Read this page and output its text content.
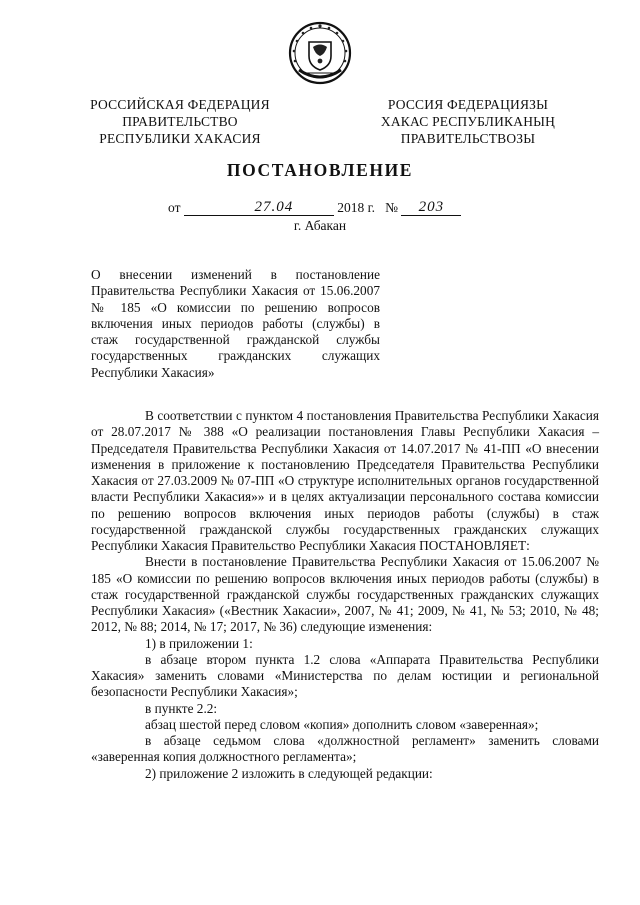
РОССИЙСКАЯ ФЕДЕРАЦИЯ
ПРАВИТЕЛЬСТВО
РЕСПУБЛИКИ ХАКАСИЯ
РОССИЯ ФЕДЕРАЦИЯЗЫ
ХАКАС РЕСПУБЛИКАНЫҢ
ПРАВИТЕЛЬСТВОЗЫ
ПОСТАНОВЛЕНИЕ
от	27.04	2018 г. №	203
г. Абакан
О внесении изменений в постановление Правительства Республики Хакасия от 15.06.2007 № 185 «О комиссии по решению вопросов включения иных периодов работы (службы) в стаж государственной гражданской службы государственных гражданских служащих Республики Хакасия»

В соответствии с пунктом 4 постановления Правительства Республики Хакасия от 28.07.2017 № 388 «О реализации постановления Главы Республики Хакасия – Председателя Правительства Республики Хакасия от 14.07.2017 № 41-ПП «О внесении изменения в приложение к постановлению Председателя Правительства Республики Хакасия от 27.03.2009 № 07-ПП «О структуре исполнительных органов государственной власти Республики Хакасия»» и в целях актуализации персонального состава комиссии по решению вопросов включения иных периодов работы (службы) в стаж государственной гражданской службы государственных гражданских служащих Республики Хакасия Правительство Республики Хакасия ПОСТАНОВЛЯЕТ:

Внести в постановление Правительства Республики Хакасия от 15.06.2007 № 185 «О комиссии по решению вопросов включения иных периодов работы (службы) в стаж государственной гражданской службы государственных гражданских служащих Республики Хакасия» («Вестник Хакасии», 2007, № 41; 2009, № 41, № 53; 2010, № 48; 2012, № 88; 2014, № 17; 2017, № 36) следующие изменения:

1) в приложении 1:

в абзаце втором пункта 1.2 слова «Аппарата Правительства Республики Хакасия» заменить словами «Министерства по делам юстиции и региональной безопасности Республики Хакасия»;

в пункте 2.2:

абзац шестой перед словом «копия» дополнить словом «заверенная»;

в абзаце седьмом слова «должностной регламент» заменить словами «заверенная копия должностного регламента»;

2) приложение 2 изложить в следующей редакции:
